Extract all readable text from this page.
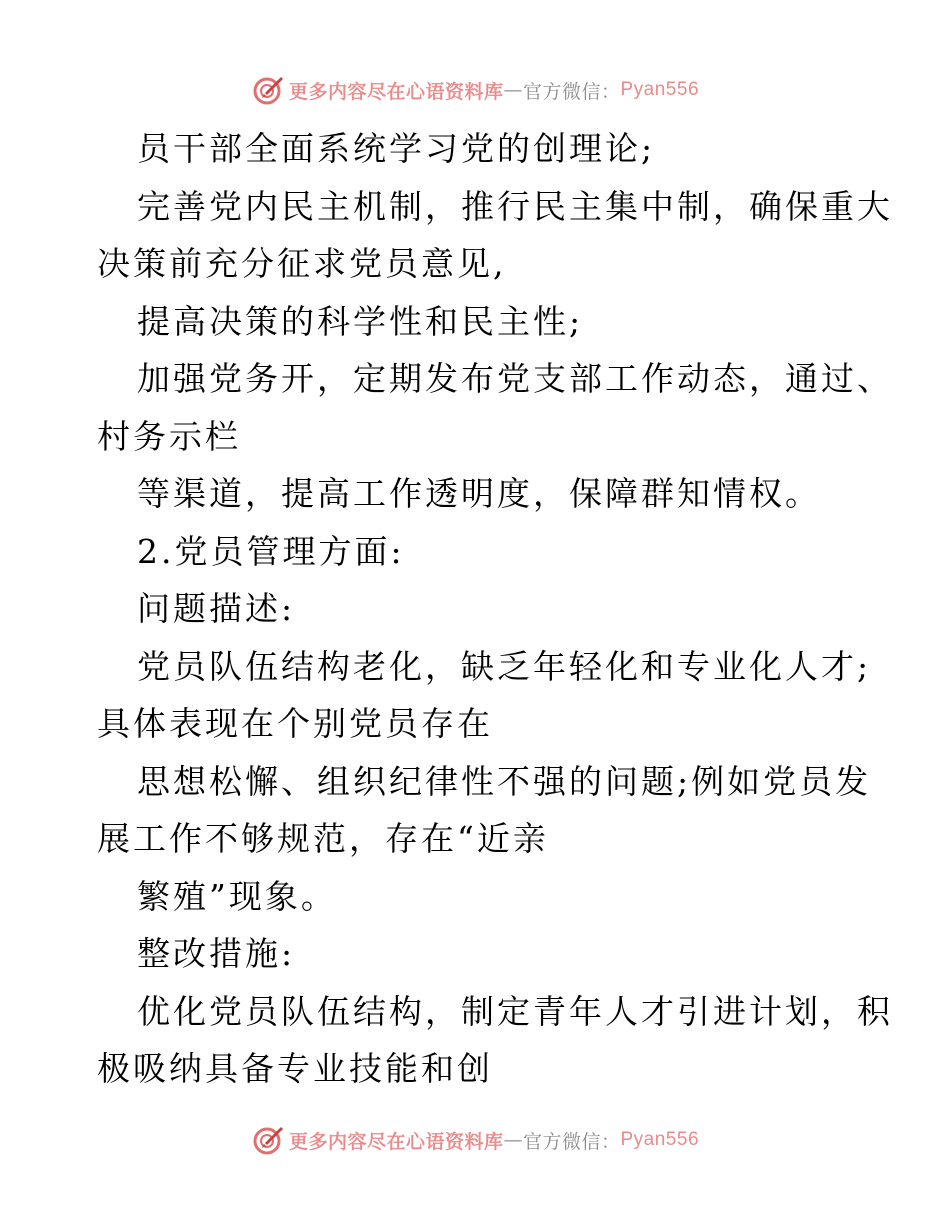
更多内容尽在心语资料库 — 官方微信： Pyan556
员干部全面系统学习党的创理论;
完善党内民主机制，推行民主集中制，确保重大
决策前充分征求党员意见,
提高决策的科学性和民主性;
加强党务开，定期发布党支部工作动态，通过、
村务示栏
等渠道，提高工作透明度，保障群知情权。
2.党员管理方面:
问题描述:
党员队伍结构老化，缺乏年轻化和专业化人才;
具体表现在个别党员存在
思想松懈、组织纪律性不强的问题;例如党员发
展工作不够规范，存在“近亲
繁殖”现象。
整改措施:
优化党员队伍结构，制定青年人才引进计划，积
极吸纳具备专业技能和创
更多内容尽在心语资料库 — 官方微信： Pyan556
